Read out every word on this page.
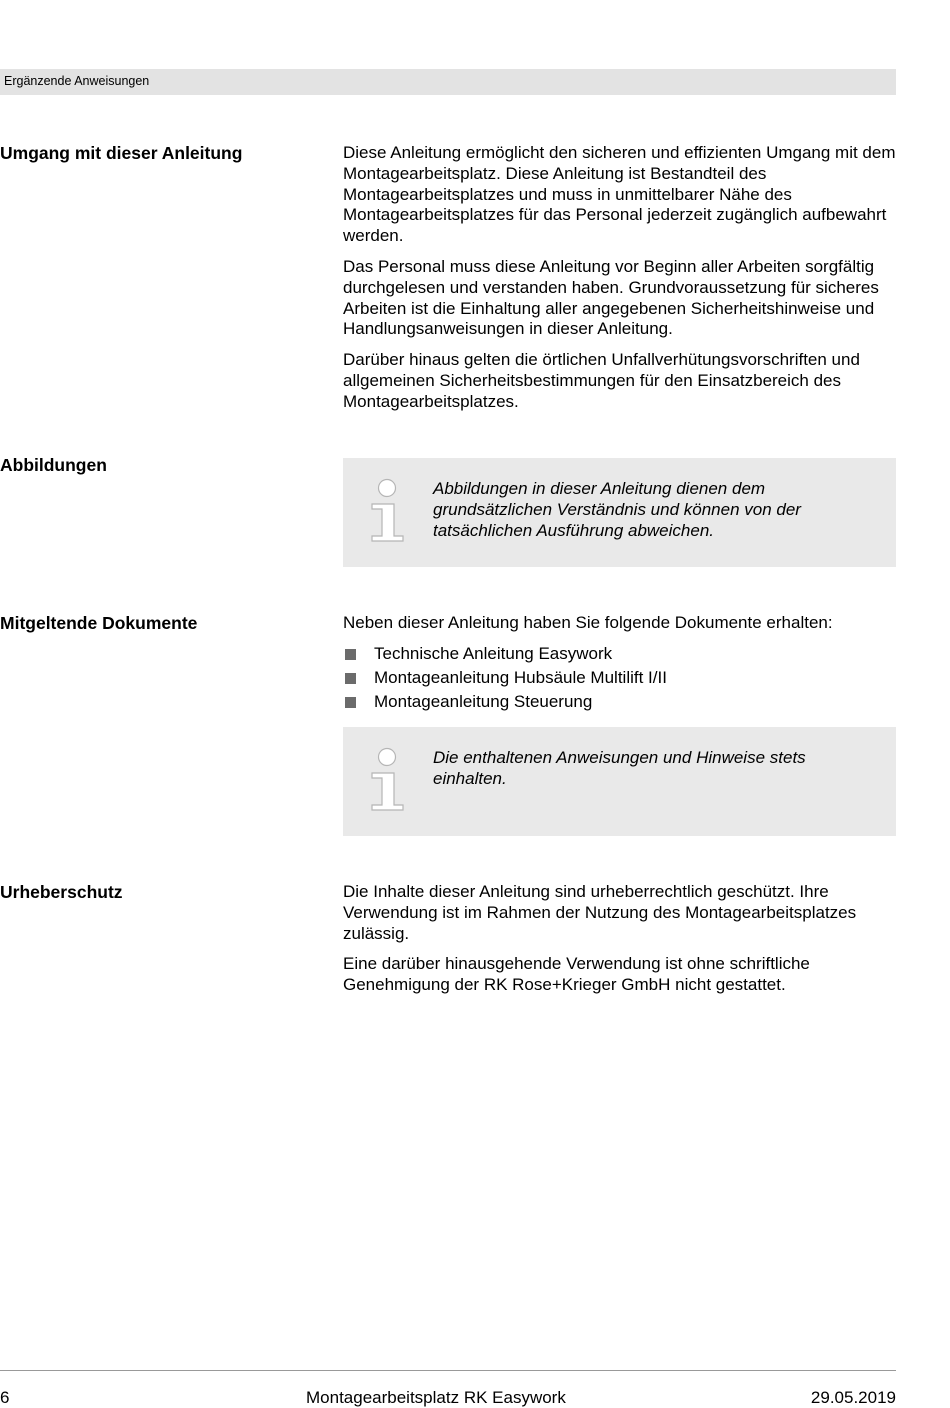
Ergänzende Anweisungen
Umgang mit dieser Anleitung	Diese Anleitung ermöglicht den sicheren und effizienten Umgang mit dem Montagearbeitsplatz. Diese Anleitung ist Bestandteil des Montagearbeitsplatzes und muss in unmittelbarer Nähe des Montagearbeitsplatzes für das Personal jederzeit zugänglich aufbewahrt werden.

Das Personal muss diese Anleitung vor Beginn aller Arbeiten sorgfältig durchgelesen und verstanden haben. Grundvoraussetzung für sicheres Arbeiten ist die Einhaltung aller angegebenen Sicherheitshinweise und Handlungsanweisungen in dieser Anleitung.

Darüber hinaus gelten die örtlichen Unfallverhütungsvorschriften und allgemeinen Sicherheitsbestimmungen für den Einsatzbereich des Montagearbeitsplatzes.

Abbildungen
Abbildungen in dieser Anleitung dienen dem grundsätzlichen Verständnis und können von der tatsächlichen Ausführung abweichen.
Mitgeltende Dokumente	Neben dieser Anleitung haben Sie folgende Dokumente erhalten:

Technische Anleitung Easywork
Montageanleitung Hubsäule Multilift I/II
Montageanleitung Steuerung
Die enthaltenen Anweisungen und Hinweise stets einhalten.
Urheberschutz	Die Inhalte dieser Anleitung sind urheberrechtlich geschützt. Ihre Verwendung ist im Rahmen der Nutzung des Montagearbeitsplatzes zulässig.

Eine darüber hinausgehende Verwendung ist ohne schriftliche Genehmigung der RK Rose+Krieger GmbH nicht gestattet.

6	Montagearbeitsplatz RK Easywork	29.05.2019
